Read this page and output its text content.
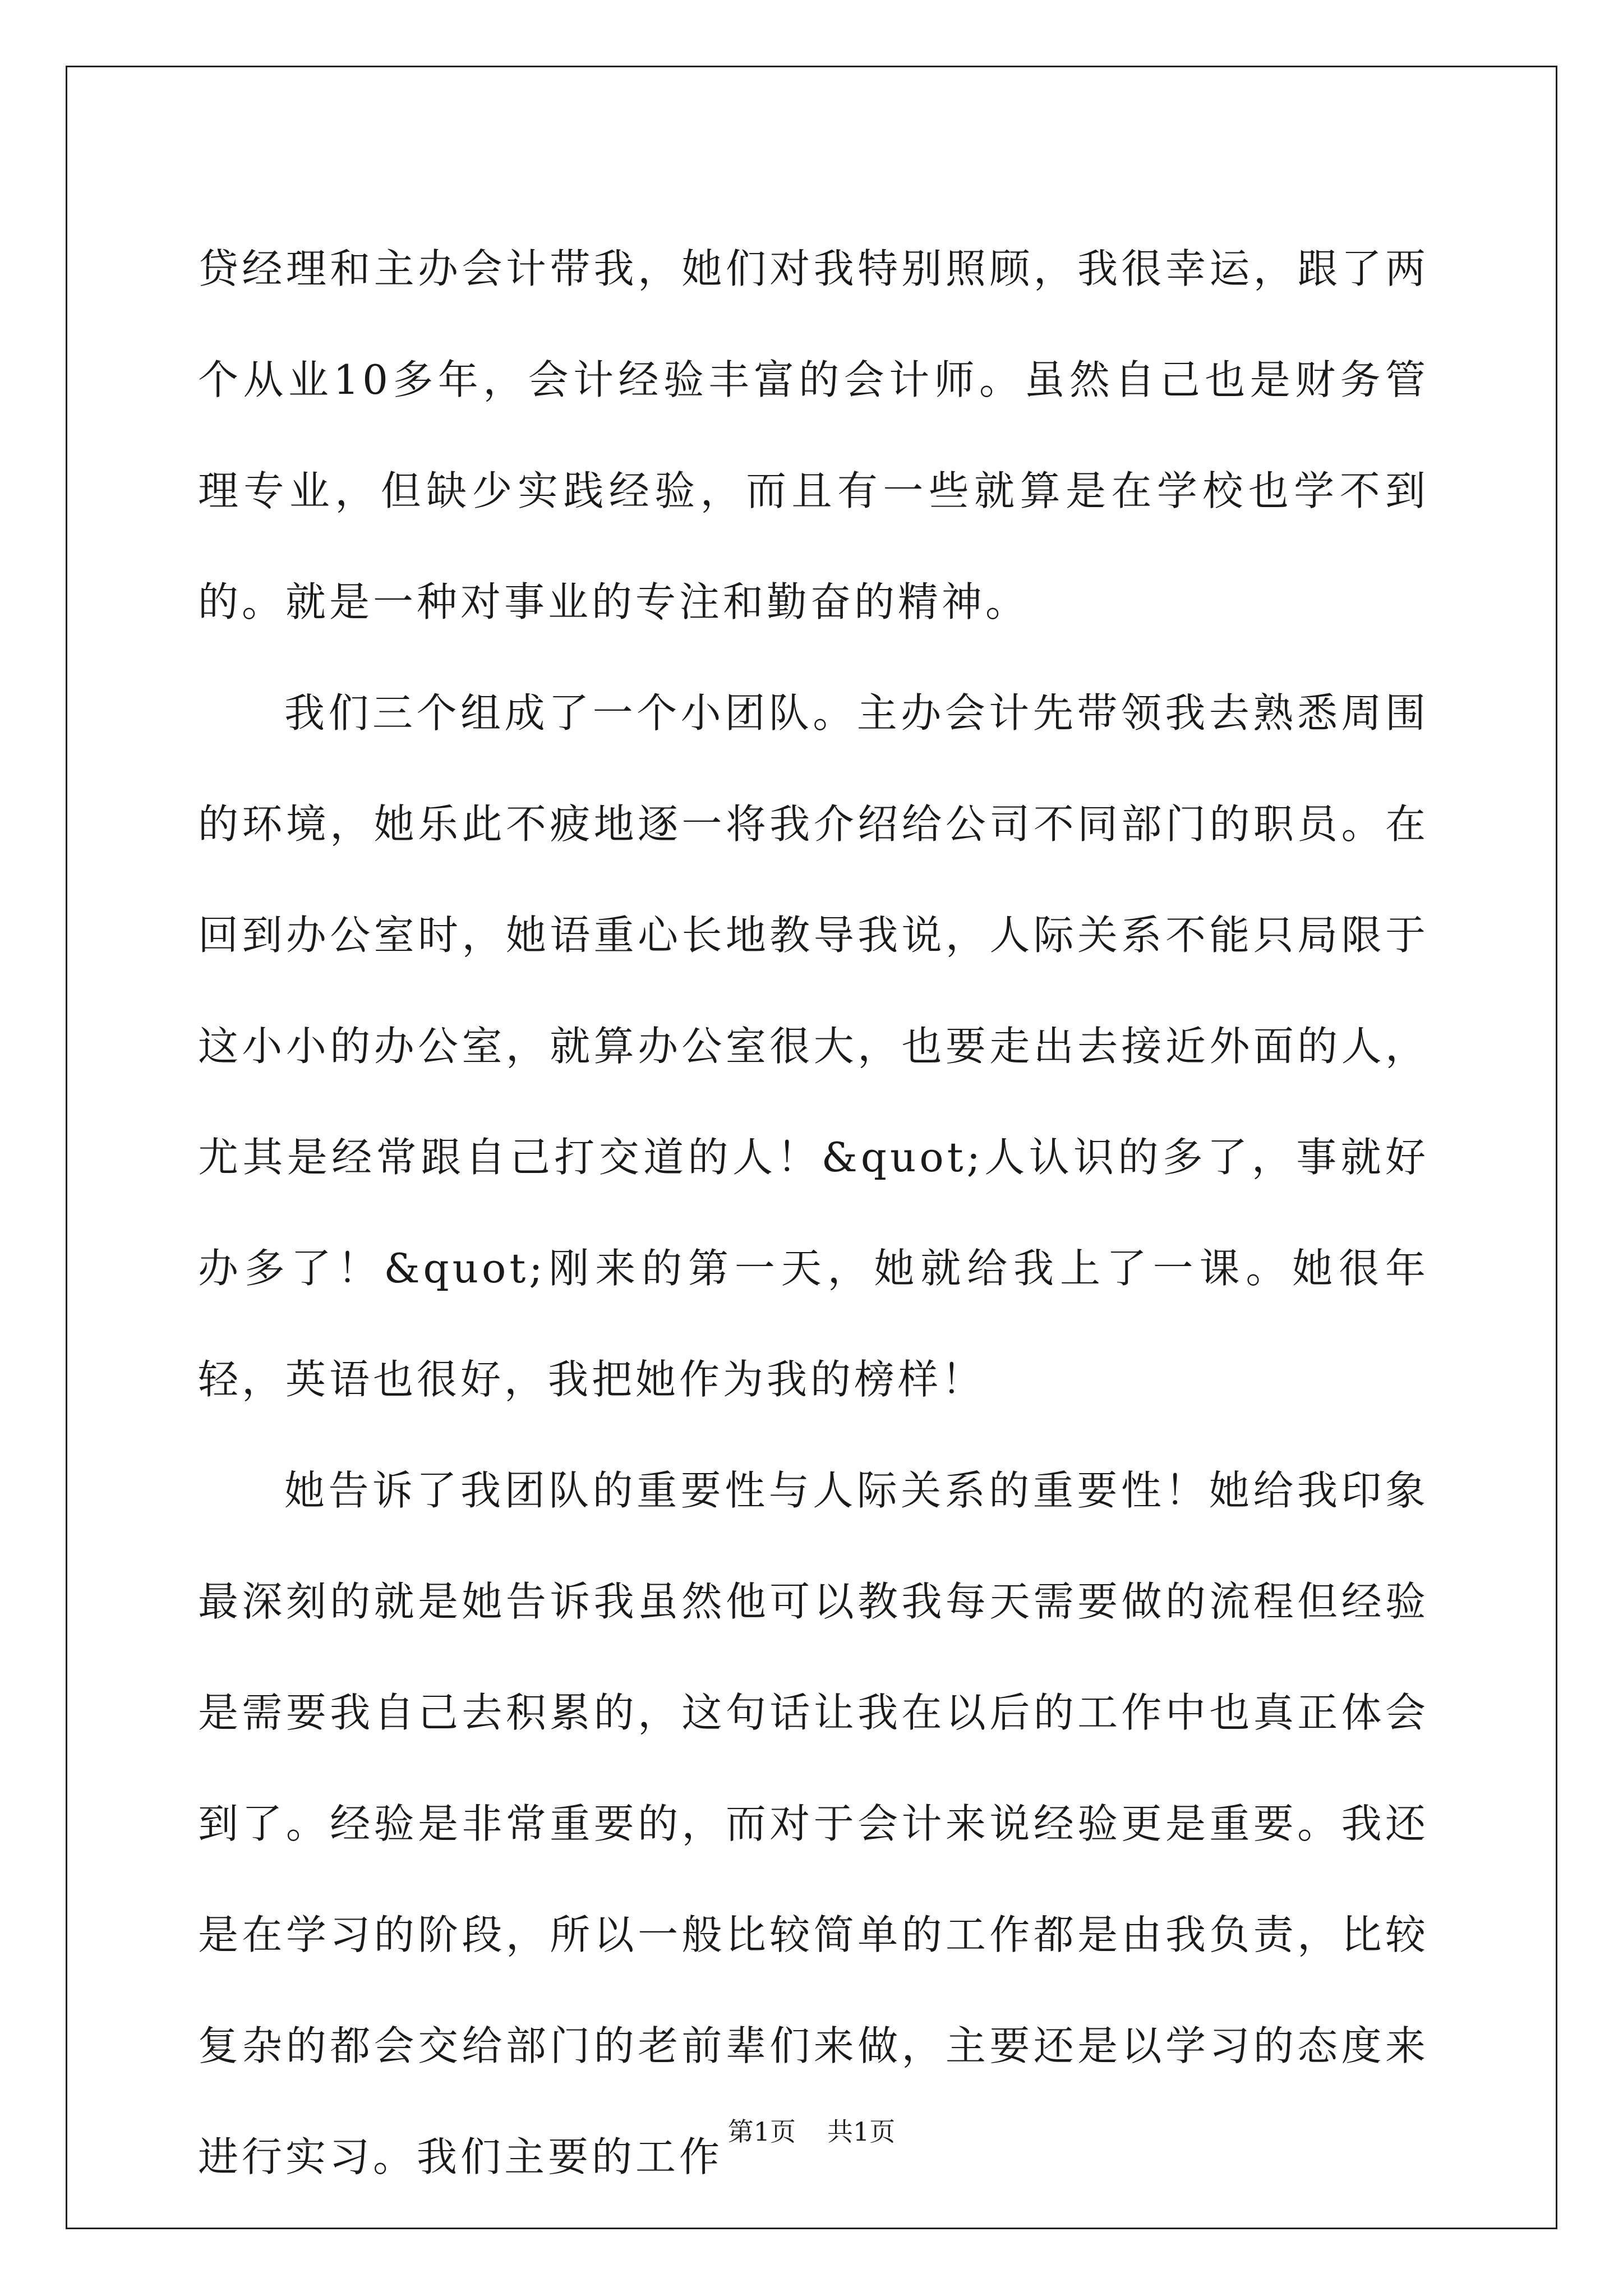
贷经理和主办会计带我，她们对我特别照顾，我很幸运，跟了两个从业10多年，会计经验丰富的会计师。虽然自己也是财务管理专业，但缺少实践经验，而且有一些就算是在学校也学不到的。就是一种对事业的专注和勤奋的精神。

我们三个组成了一个小团队。主办会计先带领我去熟悉周围的环境，她乐此不疲地逐一将我介绍给公司不同部门的职员。在回到办公室时，她语重心长地教导我说，人际关系不能只局限于这小小的办公室，就算办公室很大，也要走出去接近外面的人，尤其是经常跟自己打交道的人！&quot;人认识的多了，事就好办多了！&quot;刚来的第一天，她就给我上了一课。她很年轻，英语也很好，我把她作为我的榜样！

她告诉了我团队的重要性与人际关系的重要性！她给我印象最深刻的就是她告诉我虽然他可以教我每天需要做的流程但经验是需要我自己去积累的，这句话让我在以后的工作中也真正体会到了。经验是非常重要的，而对于会计来说经验更是重要。我还是在学习的阶段，所以一般比较简单的工作都是由我负责，比较复杂的都会交给部门的老前辈们来做，主要还是以学习的态度来进行实习。我们主要的工作

第1页 共1页
